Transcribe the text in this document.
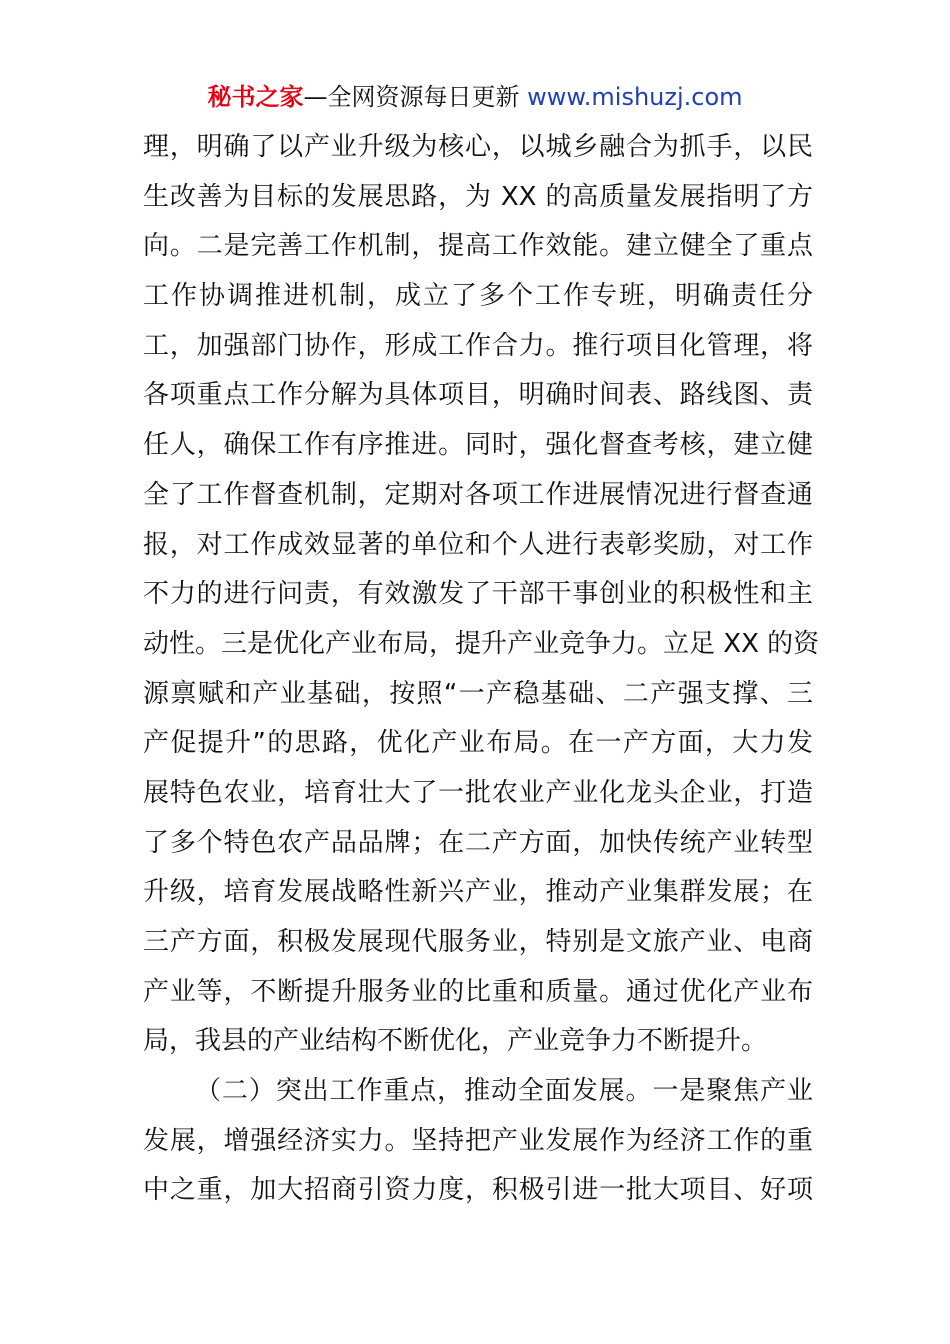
秘书之家—全网资源每日更新 www.mishuzj.com
理，明确了以产业升级为核心，以城乡融合为抓手，以民
生改善为目标的发展思路，为 XX 的高质量发展指明了方
向。二是完善工作机制，提高工作效能。建立健全了重点
工作协调推进机制，成立了多个工作专班，明确责任分
工，加强部门协作，形成工作合力。推行项目化管理，将
各项重点工作分解为具体项目，明确时间表、路线图、责
任人，确保工作有序推进。同时，强化督查考核，建立健
全了工作督查机制，定期对各项工作进展情况进行督查通
报，对工作成效显著的单位和个人进行表彰奖励，对工作
不力的进行问责，有效激发了干部干事创业的积极性和主
动性。三是优化产业布局，提升产业竞争力。立足 XX 的资
源禀赋和产业基础，按照“一产稳基础、二产强支撑、三
产促提升”的思路，优化产业布局。在一产方面，大力发
展特色农业，培育壮大了一批农业产业化龙头企业，打造
了多个特色农产品品牌；在二产方面，加快传统产业转型
升级，培育发展战略性新兴产业，推动产业集群发展；在
三产方面，积极发展现代服务业，特别是文旅产业、电商
产业等，不断提升服务业的比重和质量。通过优化产业布
局，我县的产业结构不断优化，产业竞争力不断提升。
（二）突出工作重点，推动全面发展。一是聚焦产业
发展，增强经济实力。坚持把产业发展作为经济工作的重
中之重，加大招商引资力度，积极引进一批大项目、好项
